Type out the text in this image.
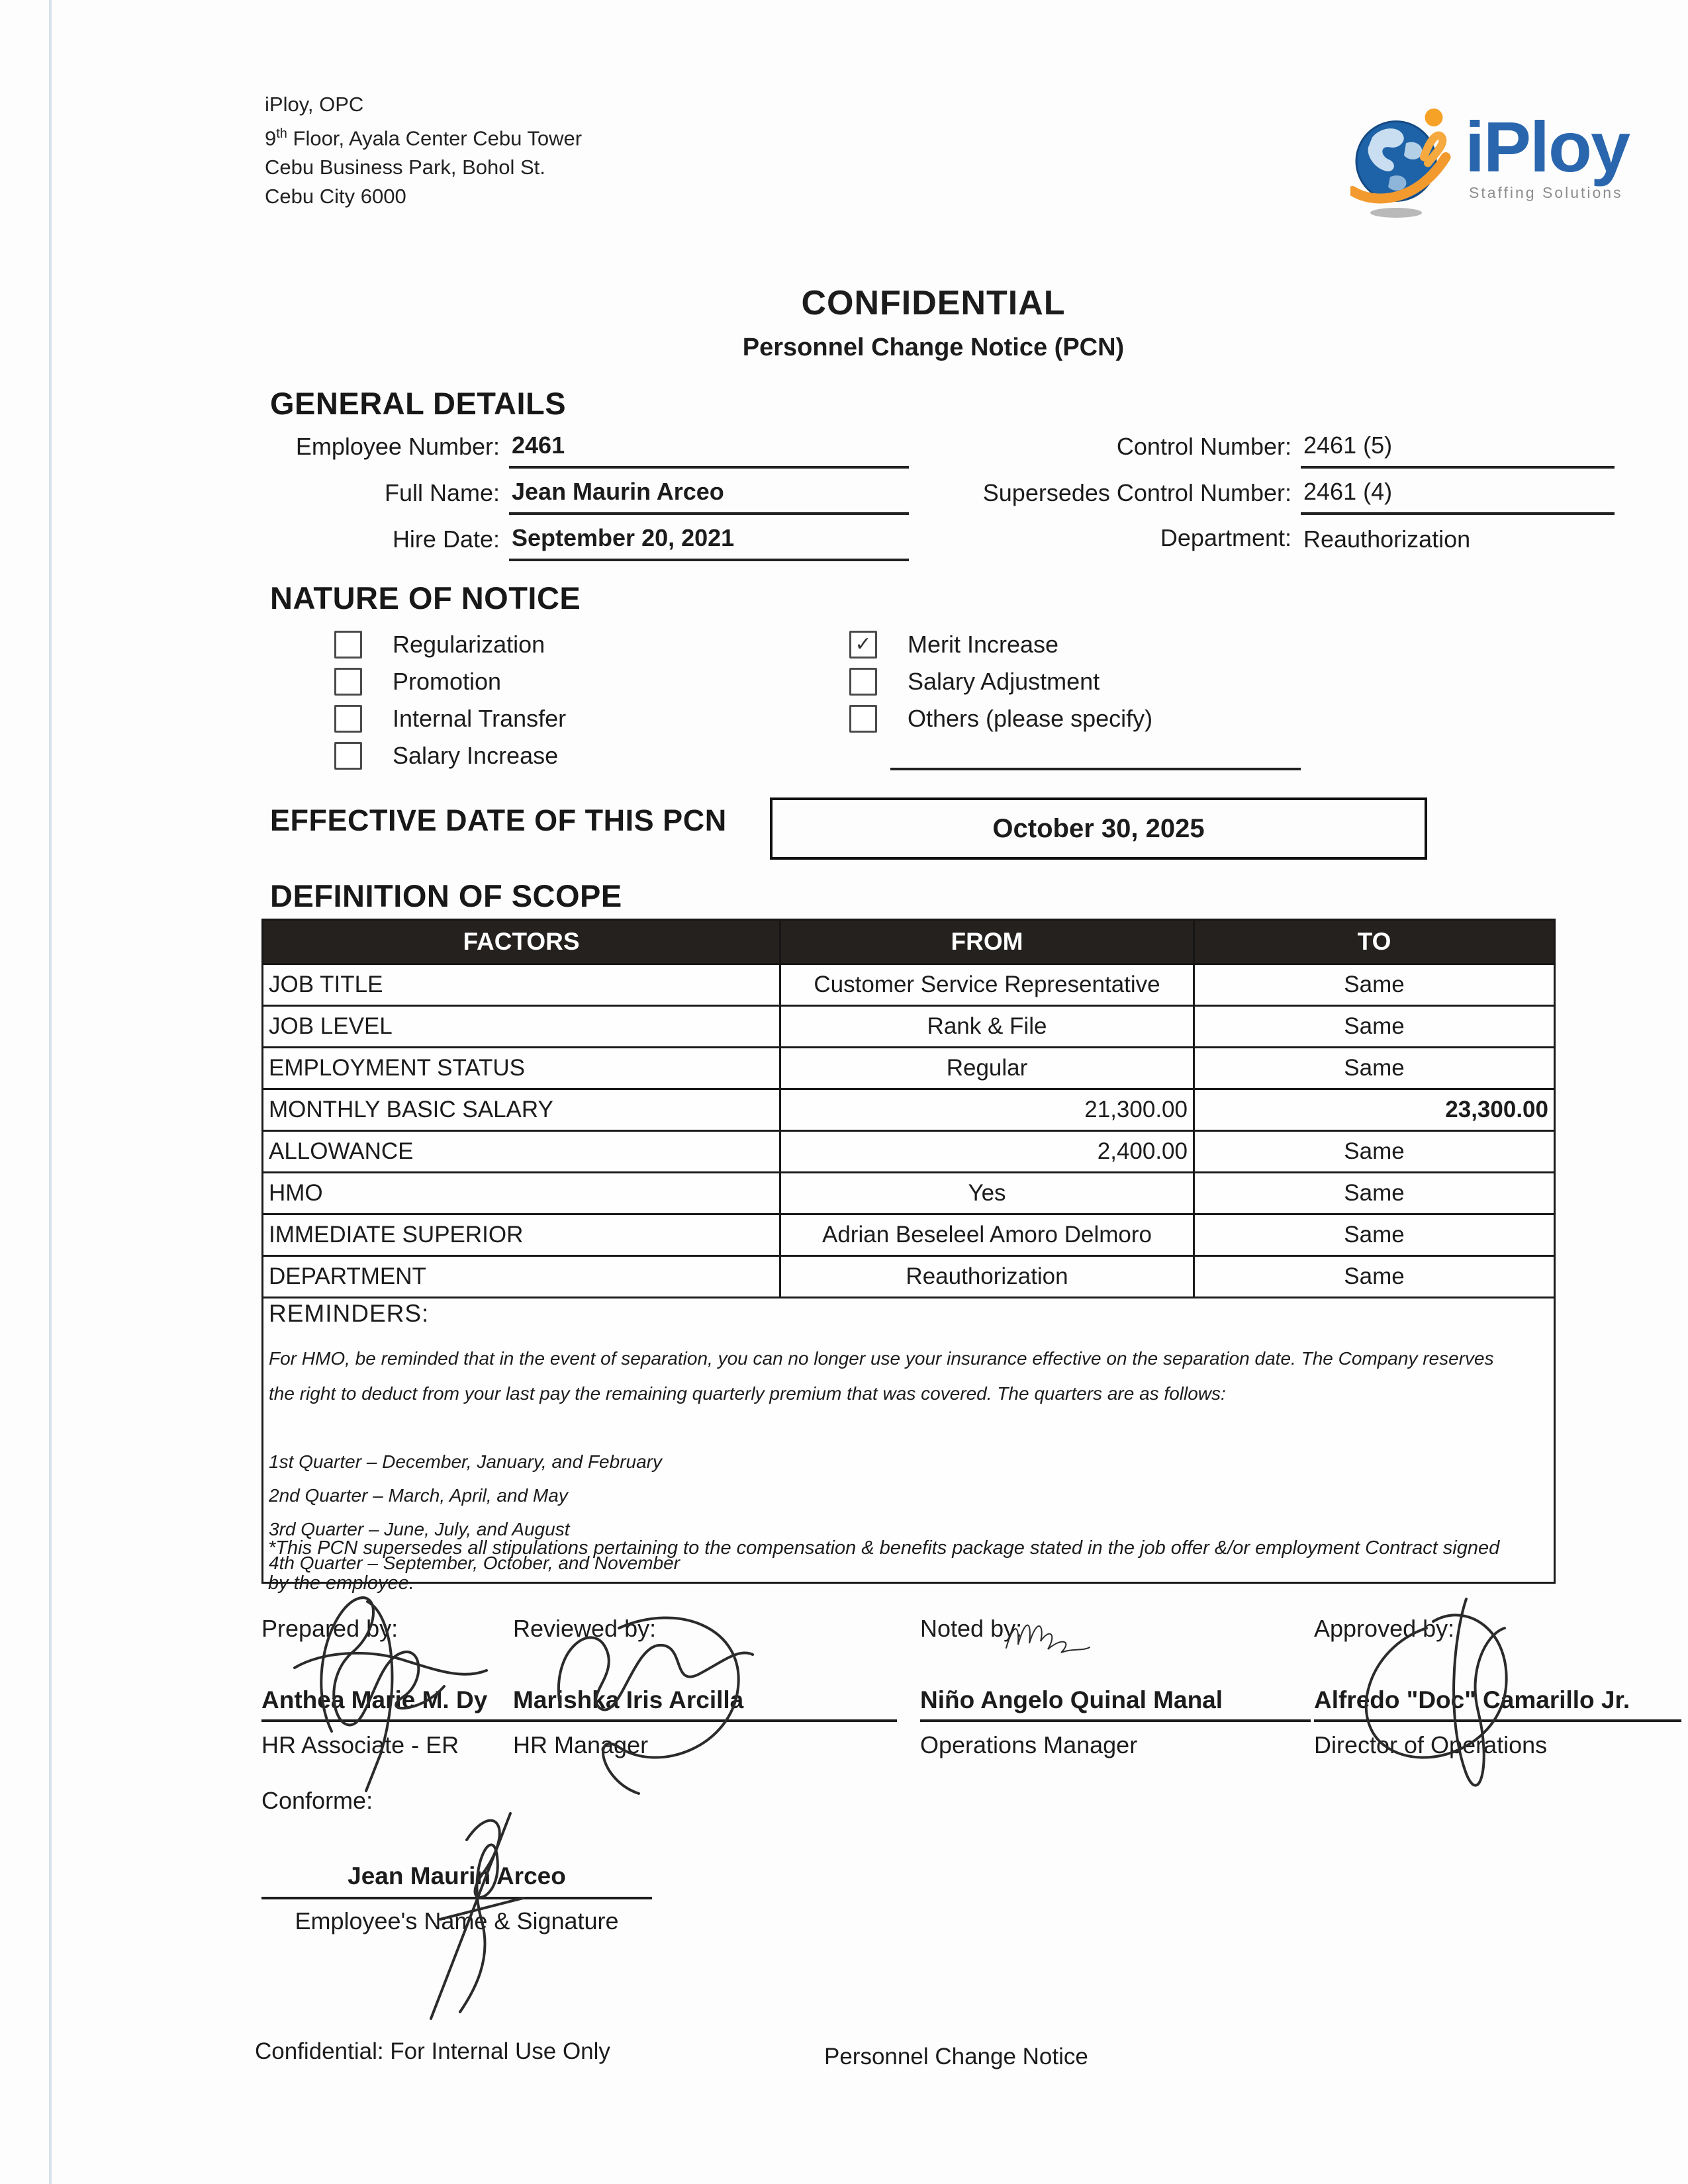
iPloy, OPC
9th Floor, Ayala Center Cebu Tower
Cebu Business Park, Bohol St.
Cebu City 6000
iPloy
Staffing Solutions
CONFIDENTIAL
Personnel Change Notice (PCN)
GENERAL DETAILS
Employee Number: 2461
Full Name: Jean Maurin Arceo
Hire Date: September 20, 2021
Control Number: 2461 (5)
Supersedes Control Number: 2461 (4)
Department: Reauthorization
NATURE OF NOTICE
Regularization
Promotion
Internal Transfer
Salary Increase
✓ Merit Increase
Salary Adjustment
Others (please specify)
EFFECTIVE DATE OF THIS PCN	October 30, 2025
DEFINITION OF SCOPE
FACTORS	FROM	TO
JOB TITLE	Customer Service Representative	Same
JOB LEVEL	Rank & File	Same
EMPLOYMENT STATUS	Regular	Same
MONTHLY BASIC SALARY	21,300.00	23,300.00
ALLOWANCE	2,400.00	Same
HMO	Yes	Same
IMMEDIATE SUPERIOR	Adrian Beseleel Amoro Delmoro	Same
DEPARTMENT	Reauthorization	Same

REMINDERS:
For HMO, be reminded that in the event of separation, you can no longer use your insurance effective on the separation date. The Company reserves the right to deduct from your last pay the remaining quarterly premium that was covered. The quarters are as follows:
1st Quarter – December, January, and February
2nd Quarter – March, April, and May
3rd Quarter – June, July, and August
4th Quarter – September, October, and November
*This PCN supersedes all stipulations pertaining to the compensation & benefits package stated in the job offer &/or employment Contract signed
by the employee.
Prepared by:
Anthea Marie M. Dy
HR Associate - ER
Reviewed by:
Marishka Iris Arcilla
HR Manager
Noted by:
Niño Angelo Quinal Manal
Operations Manager
Approved by:
Alfredo "Doc" Camarillo Jr.
Director of Operations
Conforme:
Jean Maurin Arceo
Employee's Name & Signature
Confidential: For Internal Use Only	Personnel Change Notice
